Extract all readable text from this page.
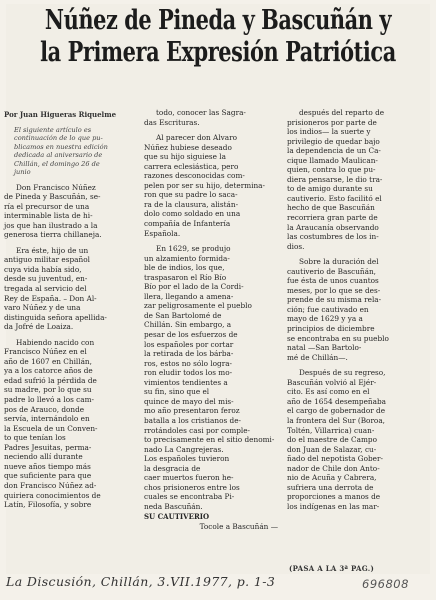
Núñez de Pineda y Bascuñán y
la Primera Expresión Patriótica

Por Juan Higueras Riquelme

El siguiente artículo es
continuación de lo que pu-
blicamos en nuestra edición
dedicada al aniversario de
Chillán, el domingo 26 de
junio

Don Francisco Núñez

de Pineda y Bascuñán, se-

ría el precursor de una

interminable lista de hi-

jos que han ilustrado a la

generosa tierra chillaneja.

Era éste, hijo de un

antiguo militar español

cuya vida había sido,

desde su juventud, en-

tregada al servicio del

Rey de España. – Don Al-

varo Núñez y de una

distinguida señora apellida-

da Jofré de Loaiza.

Habiendo nacido con

Francisco Núñez en el

año de 1607 en Chillán,

ya a los catorce años de

edad sufrió la pérdida de

su madre, por lo que su

padre lo llevó a los cam-

pos de Arauco, donde

servía, internándolo en

la Escuela de un Conven-

to que tenían los

Padres Jesuitas, perma-

neciendo allí durante

nueve años tiempo más

que suficiente para que

don Francisco Núñez ad-

quiriera conocimientos de

Latín, Filosofía, y sobre

todo, conocer las Sagra-

das Escrituras.

Al parecer don Alvaro

Núñez hubiese deseado

que su hijo siguiese la

carrera eclesiástica, pero

razones desconocidas com-

pelen por ser su hijo, determina-

ron que su padre lo saca-

ra de la clausura, alistán-

dolo como soldado en una

compañía de Infantería

Española.

En 1629, se produjo

un alzamiento formida-

ble de indios, los que,

traspasaron el Río Bío

Bío por el lado de la Cordi-

llera, llegando a amena-

zar peligrosamente el pueblo

de San Bartolomé de

Chillán. Sin embargo, a

pesar de los esfuerzos de

los españoles por cortar

la retirada de los bárba-

ros, estos no sólo logra-

ron eludir todos los mo-

vimientos tendientes a

su fin, sino que el

quince de mayo del mis-

mo año presentaron feroz

batalla a los cristianos de-

rrotándoles casi por comple-

to precisamente en el sitio denomi-

nado La Cangrejeras.

Los españoles tuvieron

la desgracia de

caer muertos fueron he-

chos prisioneros entre los

cuales se encontraba Pi-

neda Bascuñán.

SU CAUTIVERIO

Tocole a Bascuñán —

después del reparto de

prisioneros por parte de

los indios— la suerte y

privilegio de quedar bajo

la dependencia de un Ca-

cique llamado Maulican-

quien, contra lo que pu-

diera pensarse, le dio tra-

to de amigo durante su

cautiverio. Esto facilitó el

hecho de que Bascuñán

recorriera gran parte de

la Araucanía observando

las costumbres de los in-

dios.

Sobre la duración del

cautiverio de Bascuñán,

fue ésta de unos cuantos

meses, por lo que se des-

prende de su misma rela-

ción; fue cautivado en

mayo de 1629 y ya a

principios de diciembre

se encontraba en su pueblo

natal —San Bartolo-

mé de Chillán—.

Después de su regreso,

Bascuñán volvió al Ejér-

cito. Es así como en el

año de 1654 desempeñaba

el cargo de gobernador de

la frontera del Sur (Boroa,

Toltén, Villarrica) cuan-

do el maestre de Campo

don Juan de Salazar, cu-

ñado del nepotista Gober-

nador de Chile don Anto-

nio de Acuña y Cabrera,

sufriera una derrota de

proporciones a manos de

los indígenas en las mar-

(PASA A LA 3ª PAG.)
La Discusión, Chillán, 3.VII.1977, p. 1-3	696808
